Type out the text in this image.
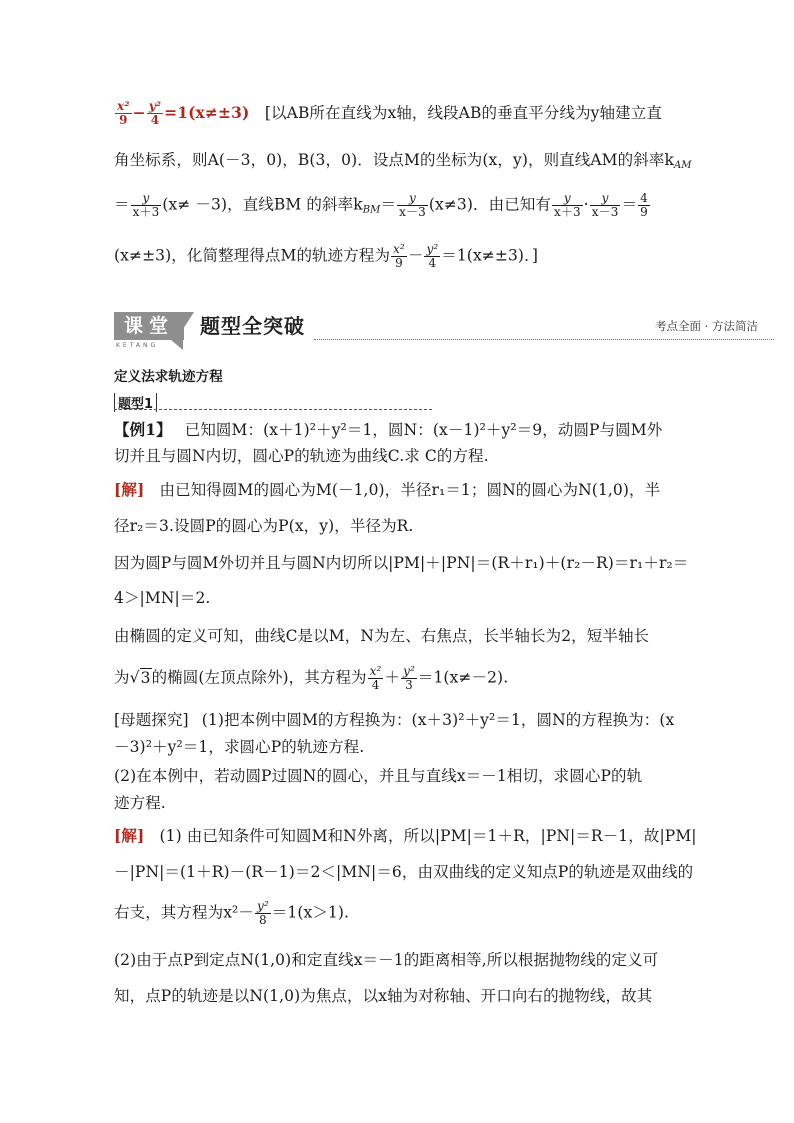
$\frac{\text{x²}}{9} - \frac{\text{y²}}{4} =1(x\ne\pm 3)$ [以AB所在直线为x轴，线段AB的垂直平分线为y轴建立直
角坐标系，则A(－3，0)，B(3，0)．设点M的坐标为(x，y)，则直线AM的斜率$k_{AM}$
＝ $\frac{y}{x+3} (x\ne -3)$，直线BM 的斜率$k_{BM}= \frac{y}{x-3} (x\ne 3)$．由已知有 $\frac{y}{x+3} \cdot \frac{y}{x-3} = \frac{4}{9}$
(x≠±3)，化简整理得点M的轨迹方程为 $\frac{\text{x²}}{9} - \frac{\text{y²}}{4} =1(x\ne\pm 3)$．]
课堂
KETANG
题型全突破	考点全面 · 方法简洁
定义法求轨迹方程
题型1
【例1】 已知圆M：(x＋1)²＋y²＝1，圆N：(x－1)²＋y²＝9，动圆P与圆M外
切并且与圆N内切，圆心P的轨迹为曲线C.求 C的方程.
[解] 由已知得圆M的圆心为M(－1,0)，半径r₁＝1；圆N的圆心为N(1,0)，半
径r₂＝3.设圆P的圆心为P(x，y)，半径为R.
因为圆P与圆M外切并且与圆N内切所以|PM|＋|PN|＝(R＋r₁)＋(r₂－R)＝r₁＋r₂＝
4＞|MN|＝2.
由椭圆的定义可知，曲线C是以M，N为左、右焦点，长半轴长为2，短半轴长
为√3的椭圆(左顶点除外)，其方程为 $\frac{\text{x²}}{4} + \frac{\text{y²}}{3} =1(x\ne-2)$.
[母题探究] (1)把本例中圆M的方程换为：(x＋3)²＋y²＝1，圆N的方程换为：(x
－3)²＋y²＝1，求圆心P的轨迹方程.
(2)在本例中，若动圆P过圆N的圆心，并且与直线x＝－1相切，求圆心P的轨
迹方程.
[解] (1) 由已知条件可知圆M和N外离，所以|PM|＝1＋R，|PN|＝R－1，故|PM|
－|PN|＝(1＋R)－(R－1)＝2＜|MN|＝6，由双曲线的定义知点P的轨迹是双曲线的
右支，其方程为$x^2- \frac{\text{y²}}{8} =1(x>1)$.
(2)由于点P到定点N(1,0)和定直线x＝－1的距离相等,所以根据抛物线的定义可
知，点P的轨迹是以N(1,0)为焦点，以x轴为对称轴、开口向右的抛物线，故其
